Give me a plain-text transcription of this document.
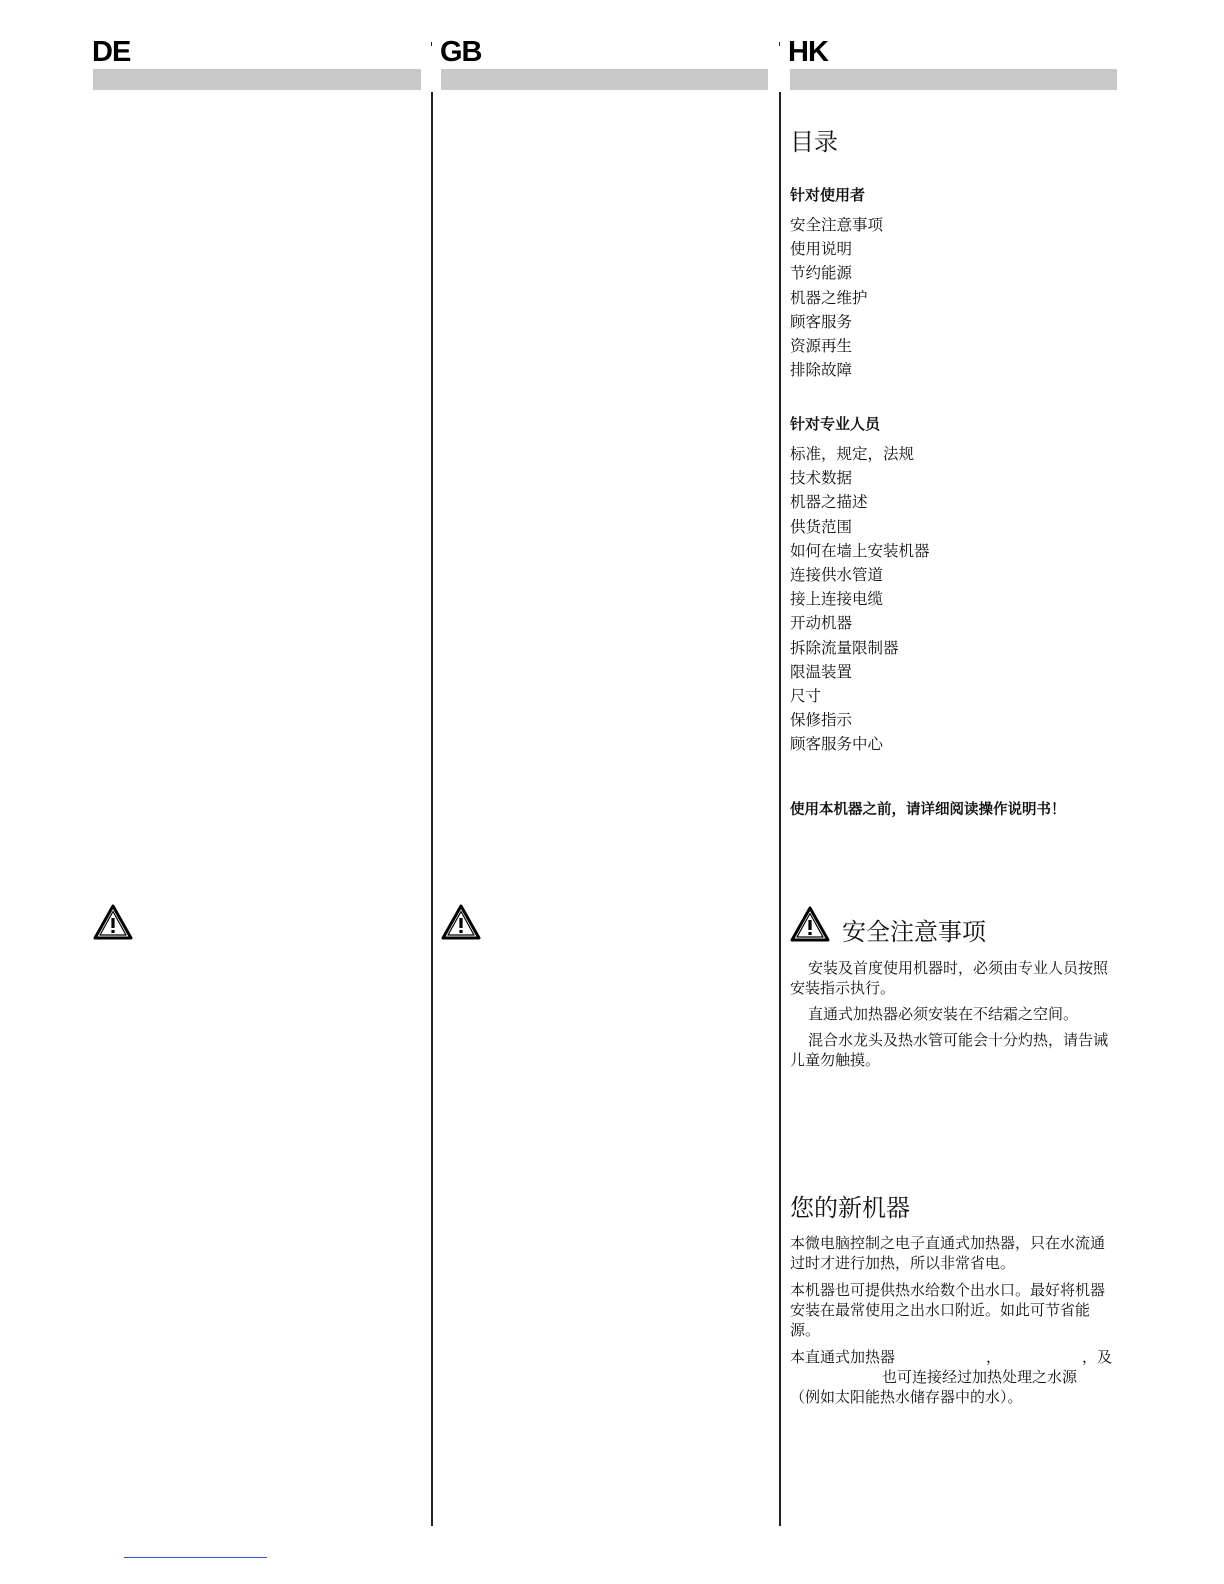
DE	GB	HK
目录
针对使用者
安全注意事项
使用说明
节约能源
机器之维护
顾客服务
资源再生
排除故障
针对专业人员
标准，规定，法规
技术数据
机器之描述
供货范围
如何在墙上安装机器
连接供水管道
接上连接电缆
开动机器
拆除流量限制器
限温装置
尺寸
保修指示
顾客服务中心
使用本机器之前，请详细阅读操作说明书！
安全注意事项

安装及首度使用机器时，必须由专业人员按照安装指示执行。

直通式加热器必须安装在不结霜之空间。

混合水龙头及热水管可能会十分灼热，请告诫儿童勿触摸。

您的新机器

本微电脑控制之电子直通式加热器，只在水流通过时才进行加热，所以非常省电。

本机器也可提供热水给数个出水口。最好将机器安装在最常使用之出水口附近。如此可节省能源。

本直通式加热器	，	，及
也可连接经过加热处理之水源
（例如太阳能热水储存器中的水）。
